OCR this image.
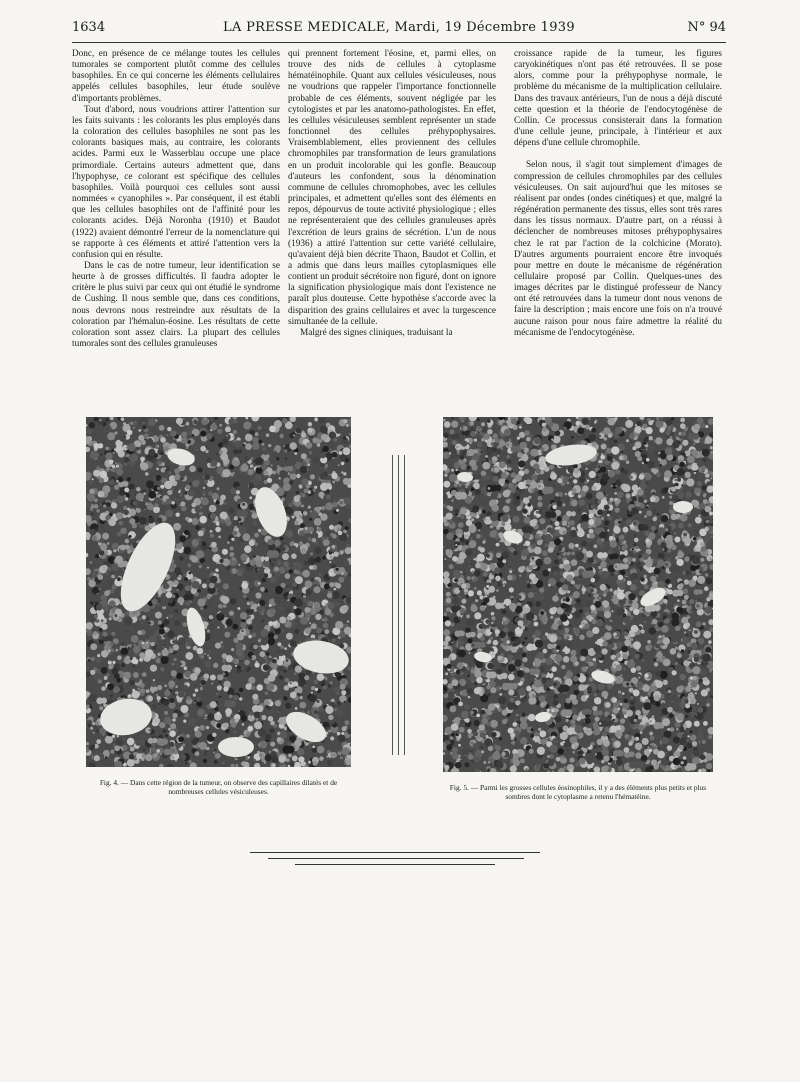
1634	LA PRESSE MEDICALE, Mardi, 19 Décembre 1939	N° 94

Donc, en présence de ce mélange toutes les cellules tumorales se comportent plutôt comme des cellules basophiles. En ce qui concerne les éléments cellulaires appelés cellules basophiles, leur étude soulève d'importants problèmes.

Tout d'abord, nous voudrions attirer l'attention sur les faits suivants : les colorants les plus employés dans la coloration des cellules basophiles ne sont pas les colorants basiques mais, au contraire, les colorants acides. Parmi eux le Wasserblau occupe une place primordiale. Certains auteurs admettent que, dans l'hypophyse, ce colorant est spécifique des cellules basophiles. Voilà pourquoi ces cellules sont aussi nommées « cyanophiles ». Par conséquent, il est établi que les cellules basophiles ont de l'affinité pour les colorants acides. Déjà Noronha (1910) et Baudot (1922) avaient démontré l'erreur de la nomenclature qui se rapporte à ces éléments et attiré l'attention vers la confusion qui en résulte.

Dans le cas de notre tumeur, leur identification se heurte à de grosses difficultés. Il faudra adopter le critère le plus suivi par ceux qui ont étudié le syndrome de Cushing. Il nous semble que, dans ces conditions, nous devrons nous restreindre aux résultats de la coloration par l'hémalun-éosine. Les résultats de cette coloration sont assez clairs. La plupart des cellules tumorales sont des cellules granuleuses

qui prennent fortement l'éosine, et, parmi elles, on trouve des nids de cellules à cytoplasme hématéinophile. Quant aux cellules vésiculeuses, nous ne voudrions que rappeler l'importance fonctionnelle probable de ces éléments, souvent négligée par les cytologistes et par les anatomo-pathologistes. En effet, les cellules vésiculeuses semblent représenter un stade fonctionnel des cellules préhypophysaires. Vraisemblablement, elles proviennent des cellules chromophiles par transformation de leurs granulations en un produit incolorable qui les gonfle. Beaucoup d'auteurs les confondent, sous la dénomination commune de cellules chromophobes, avec les cellules principales, et admettent qu'elles sont des éléments en repos, dépourvus de toute activité physiologique ; elles ne représenteraient que des cellules granuleuses après l'excrétion de leurs grains de sécrétion. L'un de nous (1936) a attiré l'attention sur cette variété cellulaire, qu'avaient déjà bien décrite Thaon, Baudot et Collin, et a admis que dans leurs mailles cytoplasmiques elle contient un produit sécrétoire non figuré, dont on ignore la signification physiologique mais dont l'existence ne paraît plus douteuse. Cette hypothèse s'accorde avec la disparition des grains cellulaires et avec la turgescence simultanée de la cellule.

Malgré des signes cliniques, traduisant la

croissance rapide de la tumeur, les figures caryokinétiques n'ont pas été retrouvées. Il se pose alors, comme pour la préhypophyse normale, le problème du mécanisme de la multiplication cellulaire. Dans des travaux antérieurs, l'un de nous a déjà discuté cette question et la théorie de l'endocytogénèse de Collin. Ce processus consisterait dans la formation d'une cellule jeune, principale, à l'intérieur et aux dépens d'une cellule chromophile.

Selon nous, il s'agit tout simplement d'images de compression de cellules chromophiles par des cellules vésiculeuses. On sait aujourd'hui que les mitoses se réalisent par ondes (ondes cinétiques) et que, malgré la régénération permanente des tissus, elles sont très rares dans les tissus normaux. D'autre part, on a réussi à déclencher de nombreuses mitoses préhypophysaires chez le rat par l'action de la colchicine (Morato). D'autres arguments pourraient encore être invoqués pour mettre en doute le mécanisme de régénération cellulaire proposé par Collin. Quelques-unes des images décrites par le distingué professeur de Nancy ont été retrouvées dans la tumeur dont nous venons de faire la description ; mais encore une fois on n'a trouvé aucune raison pour nous faire admettre la réalité du mécanisme de l'endocytogénèse.

Fig. 4. — Dans cette région de la tumeur, on observe des capillaires dilatés et de nombreuses cellules vésiculeuses.	Fig. 5. — Parmi les grosses cellules éosinophiles, il y a des éléments plus petits et plus sombres dont le cytoplasme a retenu l'hématéine.
